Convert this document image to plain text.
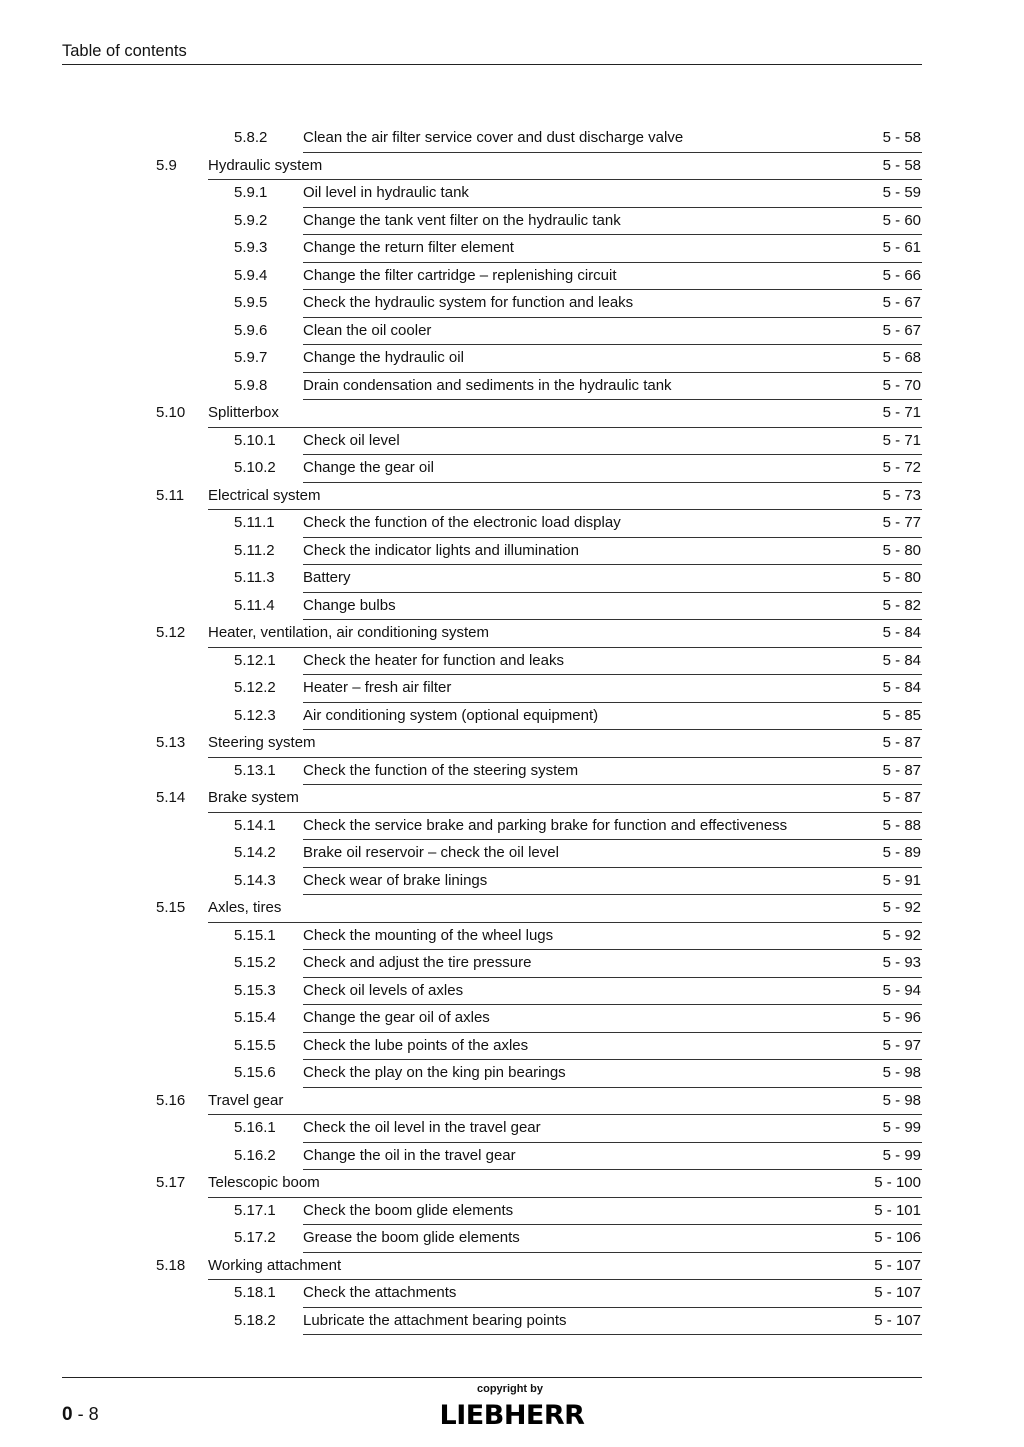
Table of contents
5.8.2 Clean the air filter service cover and dust discharge valve	5 - 58
5.9 Hydraulic system	5 - 58
5.9.1 Oil level in hydraulic tank	5 - 59
5.9.2 Change the tank vent filter on the hydraulic tank	5 - 60
5.9.3 Change the return filter element	5 - 61
5.9.4 Change the filter cartridge – replenishing circuit	5 - 66
5.9.5 Check the hydraulic system for function and leaks	5 - 67
5.9.6 Clean the oil cooler	5 - 67
5.9.7 Change the hydraulic oil	5 - 68
5.9.8 Drain condensation and sediments in the hydraulic tank	5 - 70
5.10 Splitterbox	5 - 71
5.10.1 Check oil level	5 - 71
5.10.2 Change the gear oil	5 - 72
5.11 Electrical system	5 - 73
5.11.1 Check the function of the electronic load display	5 - 77
5.11.2 Check the indicator lights and illumination	5 - 80
5.11.3 Battery	5 - 80
5.11.4 Change bulbs	5 - 82
5.12 Heater, ventilation, air conditioning system	5 - 84
5.12.1 Check the heater for function and leaks	5 - 84
5.12.2 Heater – fresh air filter	5 - 84
5.12.3 Air conditioning system (optional equipment)	5 - 85
5.13 Steering system	5 - 87
5.13.1 Check the function of the steering system	5 - 87
5.14 Brake system	5 - 87
5.14.1 Check the service brake and parking brake for function and effectiveness	5 - 88
5.14.2 Brake oil reservoir – check the oil level	5 - 89
5.14.3 Check wear of brake linings	5 - 91
5.15 Axles, tires	5 - 92
5.15.1 Check the mounting of the wheel lugs	5 - 92
5.15.2 Check and adjust the tire pressure	5 - 93
5.15.3 Check oil levels of axles	5 - 94
5.15.4 Change the gear oil of axles	5 - 96
5.15.5 Check the lube points of the axles	5 - 97
5.15.6 Check the play on the king pin bearings	5 - 98
5.16 Travel gear	5 - 98
5.16.1 Check the oil level in the travel gear	5 - 99
5.16.2 Change the oil in the travel gear	5 - 99
5.17 Telescopic boom	5 - 100
5.17.1 Check the boom glide elements	5 - 101
5.17.2 Grease the boom glide elements	5 - 106
5.18 Working attachment	5 - 107
5.18.1 Check the attachments	5 - 107
5.18.2 Lubricate the attachment bearing points	5 - 107
0 - 8
copyright by
LIEBHERR
